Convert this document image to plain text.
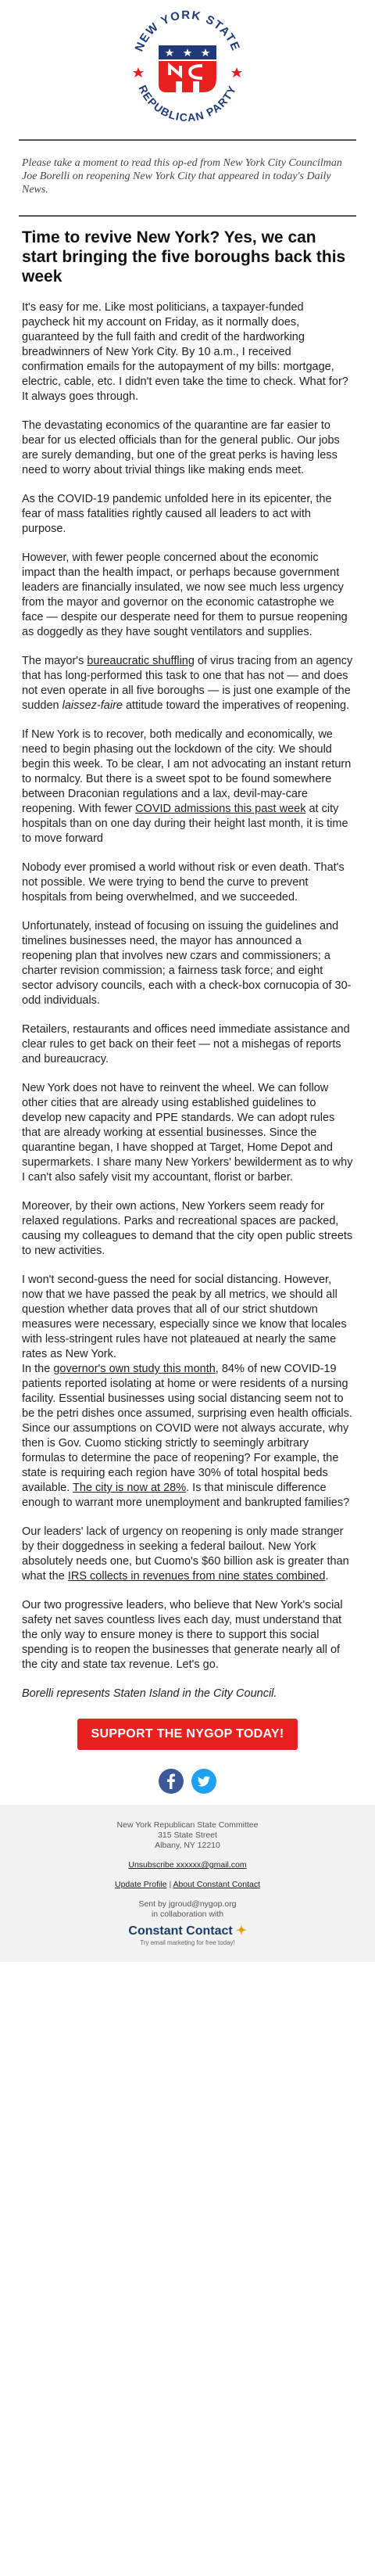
NEW YORK STATE
REPUBLICAN PARTY
Please take a moment to read this op-ed from New York City Councilman Joe Borelli on reopening New York City that appeared in today's Daily News.
Time to revive New York? Yes, we can start bringing the five boroughs back this week

It's easy for me. Like most politicians, a taxpayer-funded paycheck hit my account on Friday, as it normally does, guaranteed by the full faith and credit of the hardworking breadwinners of New York City. By 10 a.m., I received confirmation emails for the autopayment of my bills: mortgage, electric, cable, etc. I didn't even take the time to check. What for? It always goes through.

The devastating economics of the quarantine are far easier to bear for us elected officials than for the general public. Our jobs are surely demanding, but one of the great perks is having less need to worry about trivial things like making ends meet.

As the COVID-19 pandemic unfolded here in its epicenter, the fear of mass fatalities rightly caused all leaders to act with purpose.

However, with fewer people concerned about the economic impact than the health impact, or perhaps because government leaders are financially insulated, we now see much less urgency from the mayor and governor on the economic catastrophe we face — despite our desperate need for them to pursue reopening as doggedly as they have sought ventilators and supplies.

The mayor's bureaucratic shuffling of virus tracing from an agency that has long-performed this task to one that has not — and does not even operate in all five boroughs — is just one example of the sudden laissez-faire attitude toward the imperatives of reopening.

If New York is to recover, both medically and economically, we need to begin phasing out the lockdown of the city. We should begin this week. To be clear, I am not advocating an instant return to normalcy. But there is a sweet spot to be found somewhere between Draconian regulations and a lax, devil-may-care reopening. With fewer COVID admissions this past week at city hospitals than on one day during their height last month, it is time to move forward

Nobody ever promised a world without risk or even death. That's not possible. We were trying to bend the curve to prevent hospitals from being overwhelmed, and we succeeded.

Unfortunately, instead of focusing on issuing the guidelines and timelines businesses need, the mayor has announced a reopening plan that involves new czars and commissioners; a charter revision commission; a fairness task force; and eight sector advisory councils, each with a check-box cornucopia of 30-odd individuals.

Retailers, restaurants and offices need immediate assistance and clear rules to get back on their feet — not a mishegas of reports and bureaucracy.

New York does not have to reinvent the wheel. We can follow other cities that are already using established guidelines to develop new capacity and PPE standards. We can adopt rules that are already working at essential businesses. Since the quarantine began, I have shopped at Target, Home Depot and supermarkets. I share many New Yorkers' bewilderment as to why I can't also safely visit my accountant, florist or barber.

Moreover, by their own actions, New Yorkers seem ready for relaxed regulations. Parks and recreational spaces are packed, causing my colleagues to demand that the city open public streets to new activities.

I won't second-guess the need for social distancing. However, now that we have passed the peak by all metrics, we should all question whether data proves that all of our strict shutdown measures were necessary, especially since we know that locales with less-stringent rules have not plateaued at nearly the same rates as New York.
In the governor's own study this month, 84% of new COVID-19 patients reported isolating at home or were residents of a nursing facility. Essential businesses using social distancing seem not to be the petri dishes once assumed, surprising even health officials.
Since our assumptions on COVID were not always accurate, why then is Gov. Cuomo sticking strictly to seemingly arbitrary formulas to determine the pace of reopening? For example, the state is requiring each region have 30% of total hospital beds available. The city is now at 28%. Is that miniscule difference enough to warrant more unemployment and bankrupted families?

Our leaders' lack of urgency on reopening is only made stranger by their doggedness in seeking a federal bailout. New York absolutely needs one, but Cuomo's $60 billion ask is greater than what the IRS collects in revenues from nine states combined.

Our two progressive leaders, who believe that New York's social safety net saves countless lives each day, must understand that the only way to ensure money is there to support this social spending is to reopen the businesses that generate nearly all of the city and state tax revenue. Let's go.

Borelli represents Staten Island in the City Council.

SUPPORT THE NYGOP TODAY!

New York Republican State Committee
315 State Street
Albany, NY 12210
Unsubscribe xxxxxx@gmail.com
Update Profile | About Constant Contact
Sent by jgroud@nygop.org
in collaboration with
Constant Contact ✦
Try email marketing for free today!
